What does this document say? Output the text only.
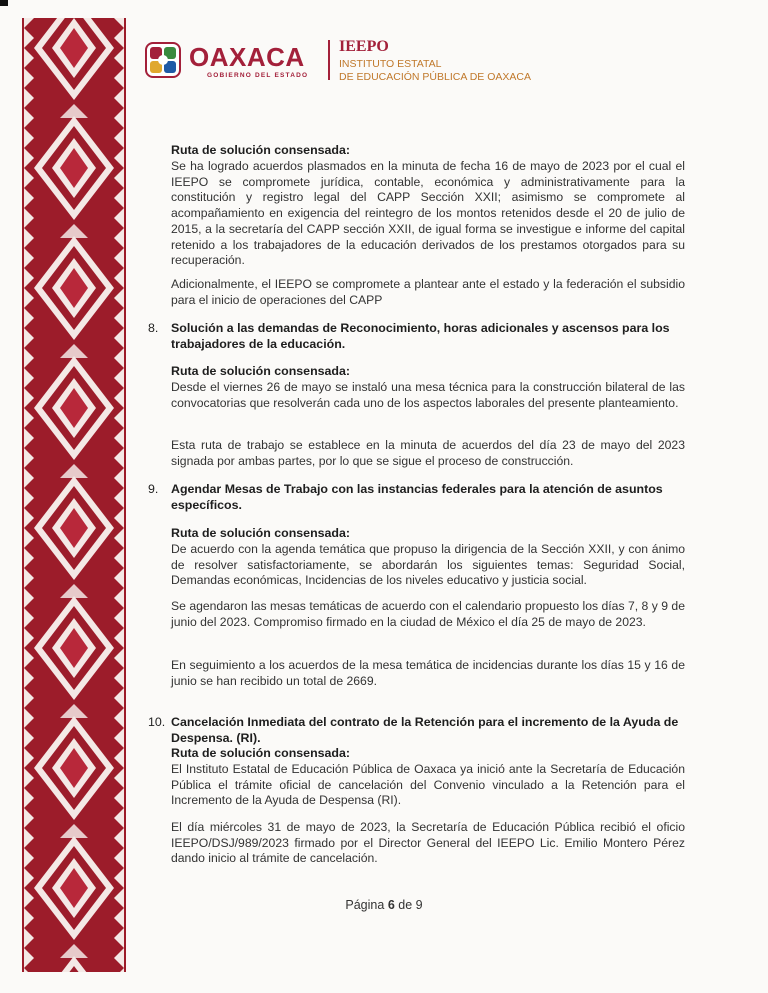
OAXACA
GOBIERNO DEL ESTADO
IEEPO
INSTITUTO ESTATAL
DE EDUCACIÓN PÚBLICA DE OAXACA

Ruta de solución consensada:

Se ha logrado acuerdos plasmados en la minuta de fecha 16 de mayo de 2023 por el cual el IEEPO se compromete jurídica, contable, económica y administrativamente para la constitución y registro legal del CAPP Sección XXII; asimismo se compromete al acompañamiento en exigencia del reintegro de los montos retenidos desde el 20 de julio de 2015, a la secretaría del CAPP sección XXII, de igual forma se investigue e informe del capital retenido a los trabajadores de la educación derivados de los prestamos otorgados para su recuperación.

Adicionalmente, el IEEPO se compromete a plantear ante el estado y la federación el subsidio para el inicio de operaciones del CAPP

8. Solución a las demandas de Reconocimiento, horas adicionales y ascensos para los trabajadores de la educación.

Ruta de solución consensada:

Desde el viernes 26 de mayo se instaló una mesa técnica para la construcción bilateral de las convocatorias que resolverán cada uno de los aspectos laborales del presente planteamiento.

Esta ruta de trabajo se establece en la minuta de acuerdos del día 23 de mayo del 2023 signada por ambas partes, por lo que se sigue el proceso de construcción.

9. Agendar Mesas de Trabajo con las instancias federales para la atención de asuntos específicos.

Ruta de solución consensada:

De acuerdo con la agenda temática que propuso la dirigencia de la Sección XXII, y con ánimo de resolver satisfactoriamente, se abordarán los siguientes temas: Seguridad Social, Demandas económicas, Incidencias de los niveles educativo y justicia social.

Se agendaron las mesas temáticas de acuerdo con el calendario propuesto los días 7, 8 y 9 de junio del 2023. Compromiso firmado en la ciudad de México el día 25 de mayo de 2023.

En seguimiento a los acuerdos de la mesa temática de incidencias durante los días 15 y 16 de junio se han recibido un total de 2669.

10. Cancelación Inmediata del contrato de la Retención para el incremento de la Ayuda de Despensa. (RI).

Ruta de solución consensada:

El Instituto Estatal de Educación Pública de Oaxaca ya inició ante la Secretaría de Educación Pública el trámite oficial de cancelación del Convenio vinculado a la Retención para el Incremento de la Ayuda de Despensa (RI).

El día miércoles 31 de mayo de 2023, la Secretaría de Educación Pública recibió el oficio IEEPO/DSJ/989/2023 firmado por el Director General del IEEPO Lic. Emilio Montero Pérez dando inicio al trámite de cancelación.

Página 6 de 9
